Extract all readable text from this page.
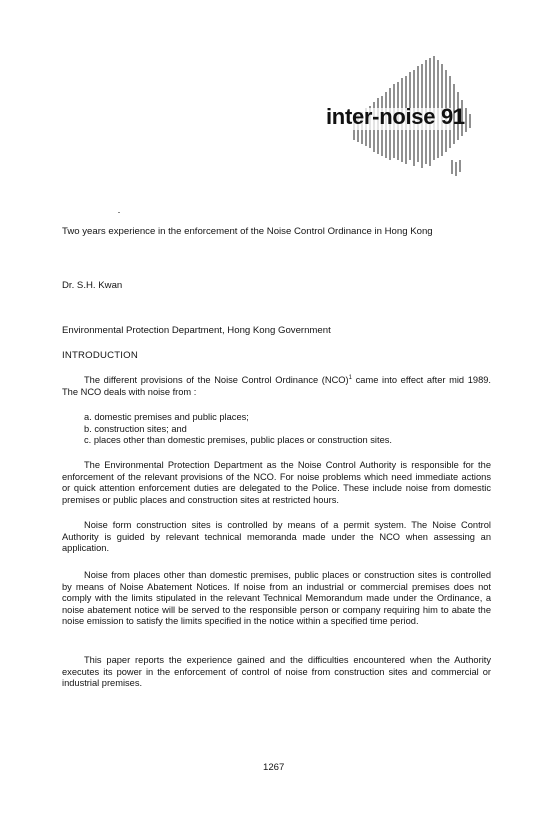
inter-noise 91
Two years experience in the enforcement of the Noise Control Ordinance in Hong Kong
Dr. S.H. Kwan
Environmental Protection Department, Hong Kong Government
INTRODUCTION
The different provisions of the Noise Control Ordinance (NCO)$^1$ came into effect after mid 1989. The NCO deals with noise from :
a. domestic premises and public places;
b. construction sites; and
c. places other than domestic premises, public places or construction sites.
The Environmental Protection Department as the Noise Control Authority is responsible for the enforcement of the relevant provisions of the NCO. For noise problems which need immediate actions or quick attention enforcement duties are delegated to the Police. These include noise from domestic premises or public places and construction sites at restricted hours.
Noise form construction sites is controlled by means of a permit system. The Noise Control Authority is guided by relevant technical memoranda made under the NCO when assessing an application.
Noise from places other than domestic premises, public places or construction sites is controlled by means of Noise Abatement Notices. If noise from an industrial or commercial premises does not comply with the limits stipulated in the relevant Technical Memorandum made under the Ordinance, a noise abatement notice will be served to the responsible person or company requiring him to abate the noise emission to satisfy the limits specified in the notice within a specified time period.
This paper reports the experience gained and the difficulties encountered when the Authority executes its power in the enforcement of control of noise from construction sites and commercial or industrial premises.
1267
